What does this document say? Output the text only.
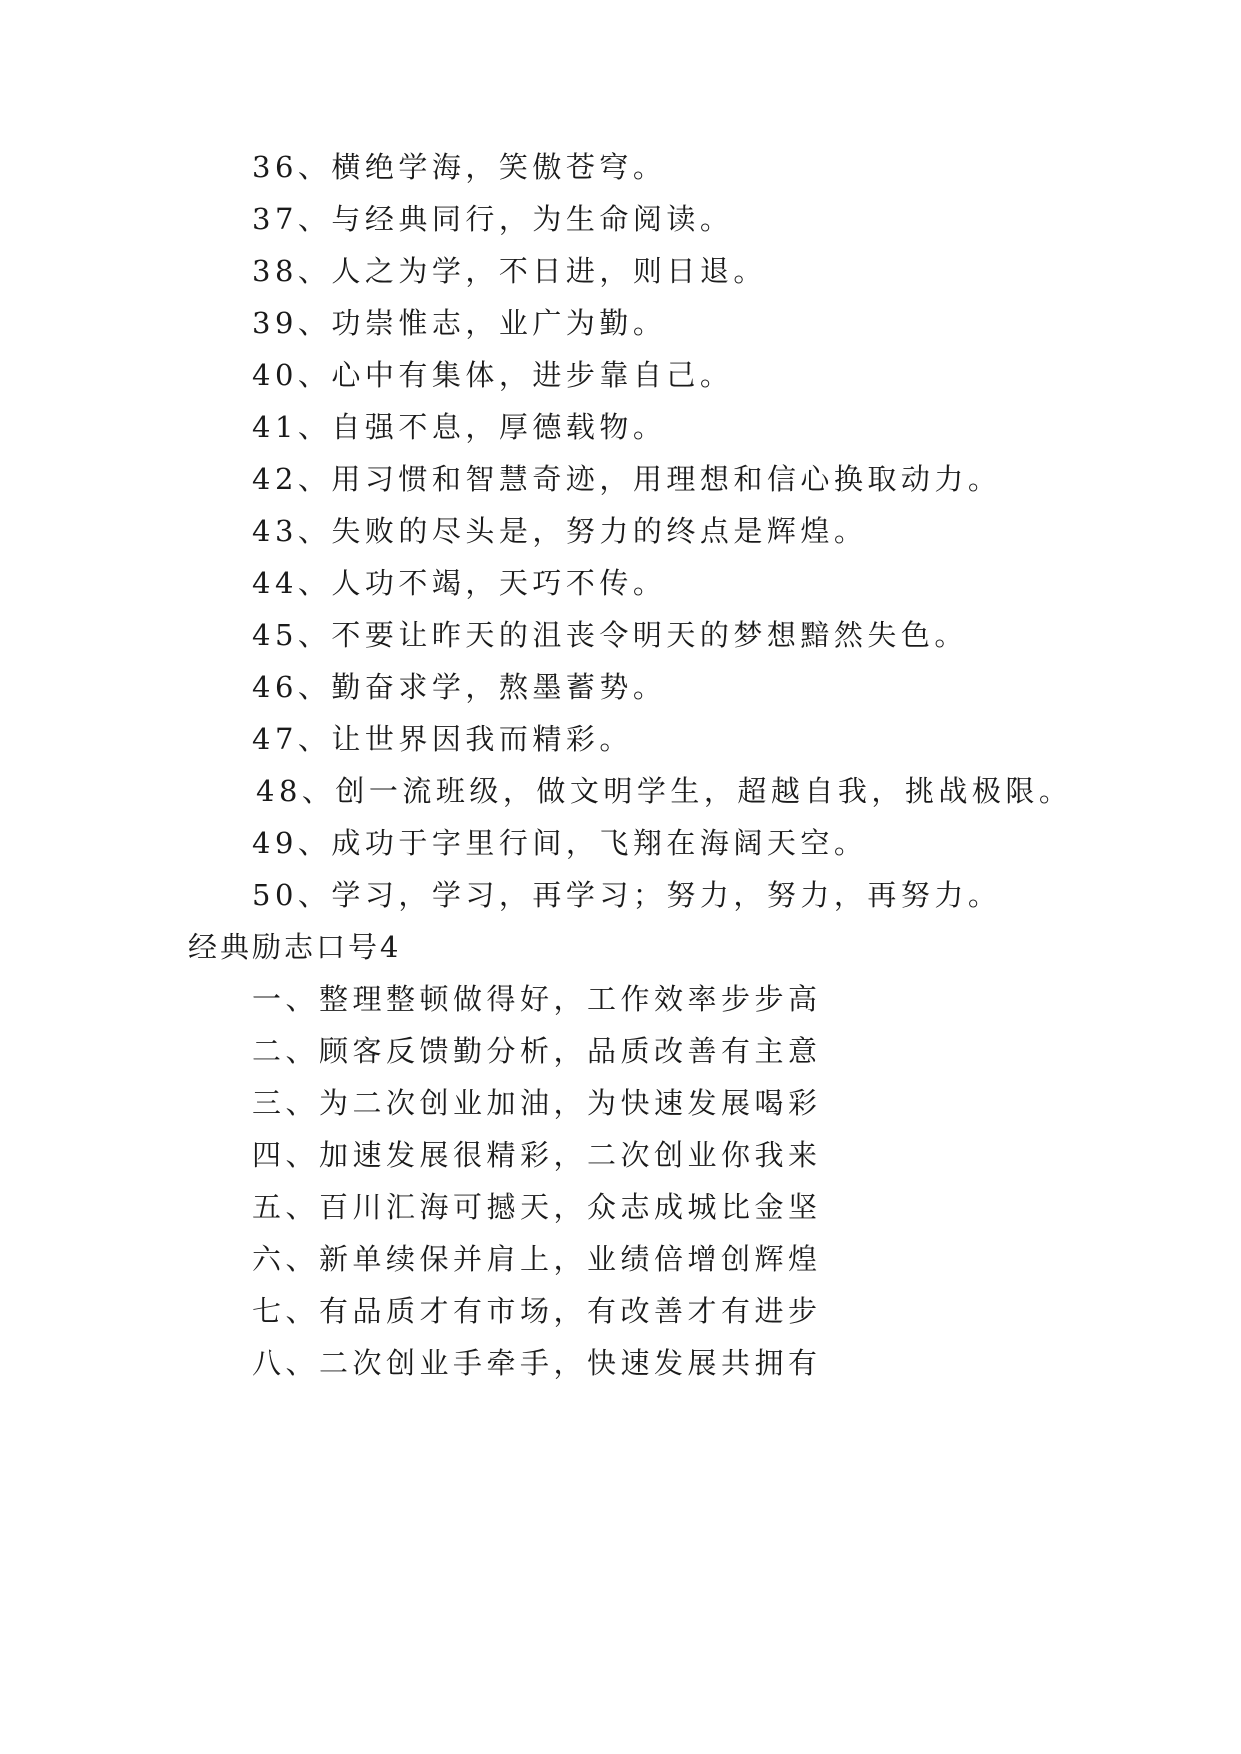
36、横绝学海，笑傲苍穹。
37、与经典同行，为生命阅读。
38、人之为学，不日进，则日退。
39、功崇惟志，业广为勤。
40、心中有集体，进步靠自己。
41、自强不息，厚德载物。
42、用习惯和智慧奇迹，用理想和信心换取动力。
43、失败的尽头是，努力的终点是辉煌。
44、人功不竭，天巧不传。
45、不要让昨天的沮丧令明天的梦想黯然失色。
46、勤奋求学，熬墨蓄势。
47、让世界因我而精彩。
48、创一流班级，做文明学生，超越自我，挑战极限。
49、成功于字里行间，飞翔在海阔天空。
50、学习，学习，再学习；努力，努力，再努力。
经典励志口号4
一、整理整顿做得好，工作效率步步高
二、顾客反馈勤分析，品质改善有主意
三、为二次创业加油，为快速发展喝彩
四、加速发展很精彩，二次创业你我来
五、百川汇海可撼天，众志成城比金坚
六、新单续保并肩上，业绩倍增创辉煌
七、有品质才有市场，有改善才有进步
八、二次创业手牵手，快速发展共拥有
